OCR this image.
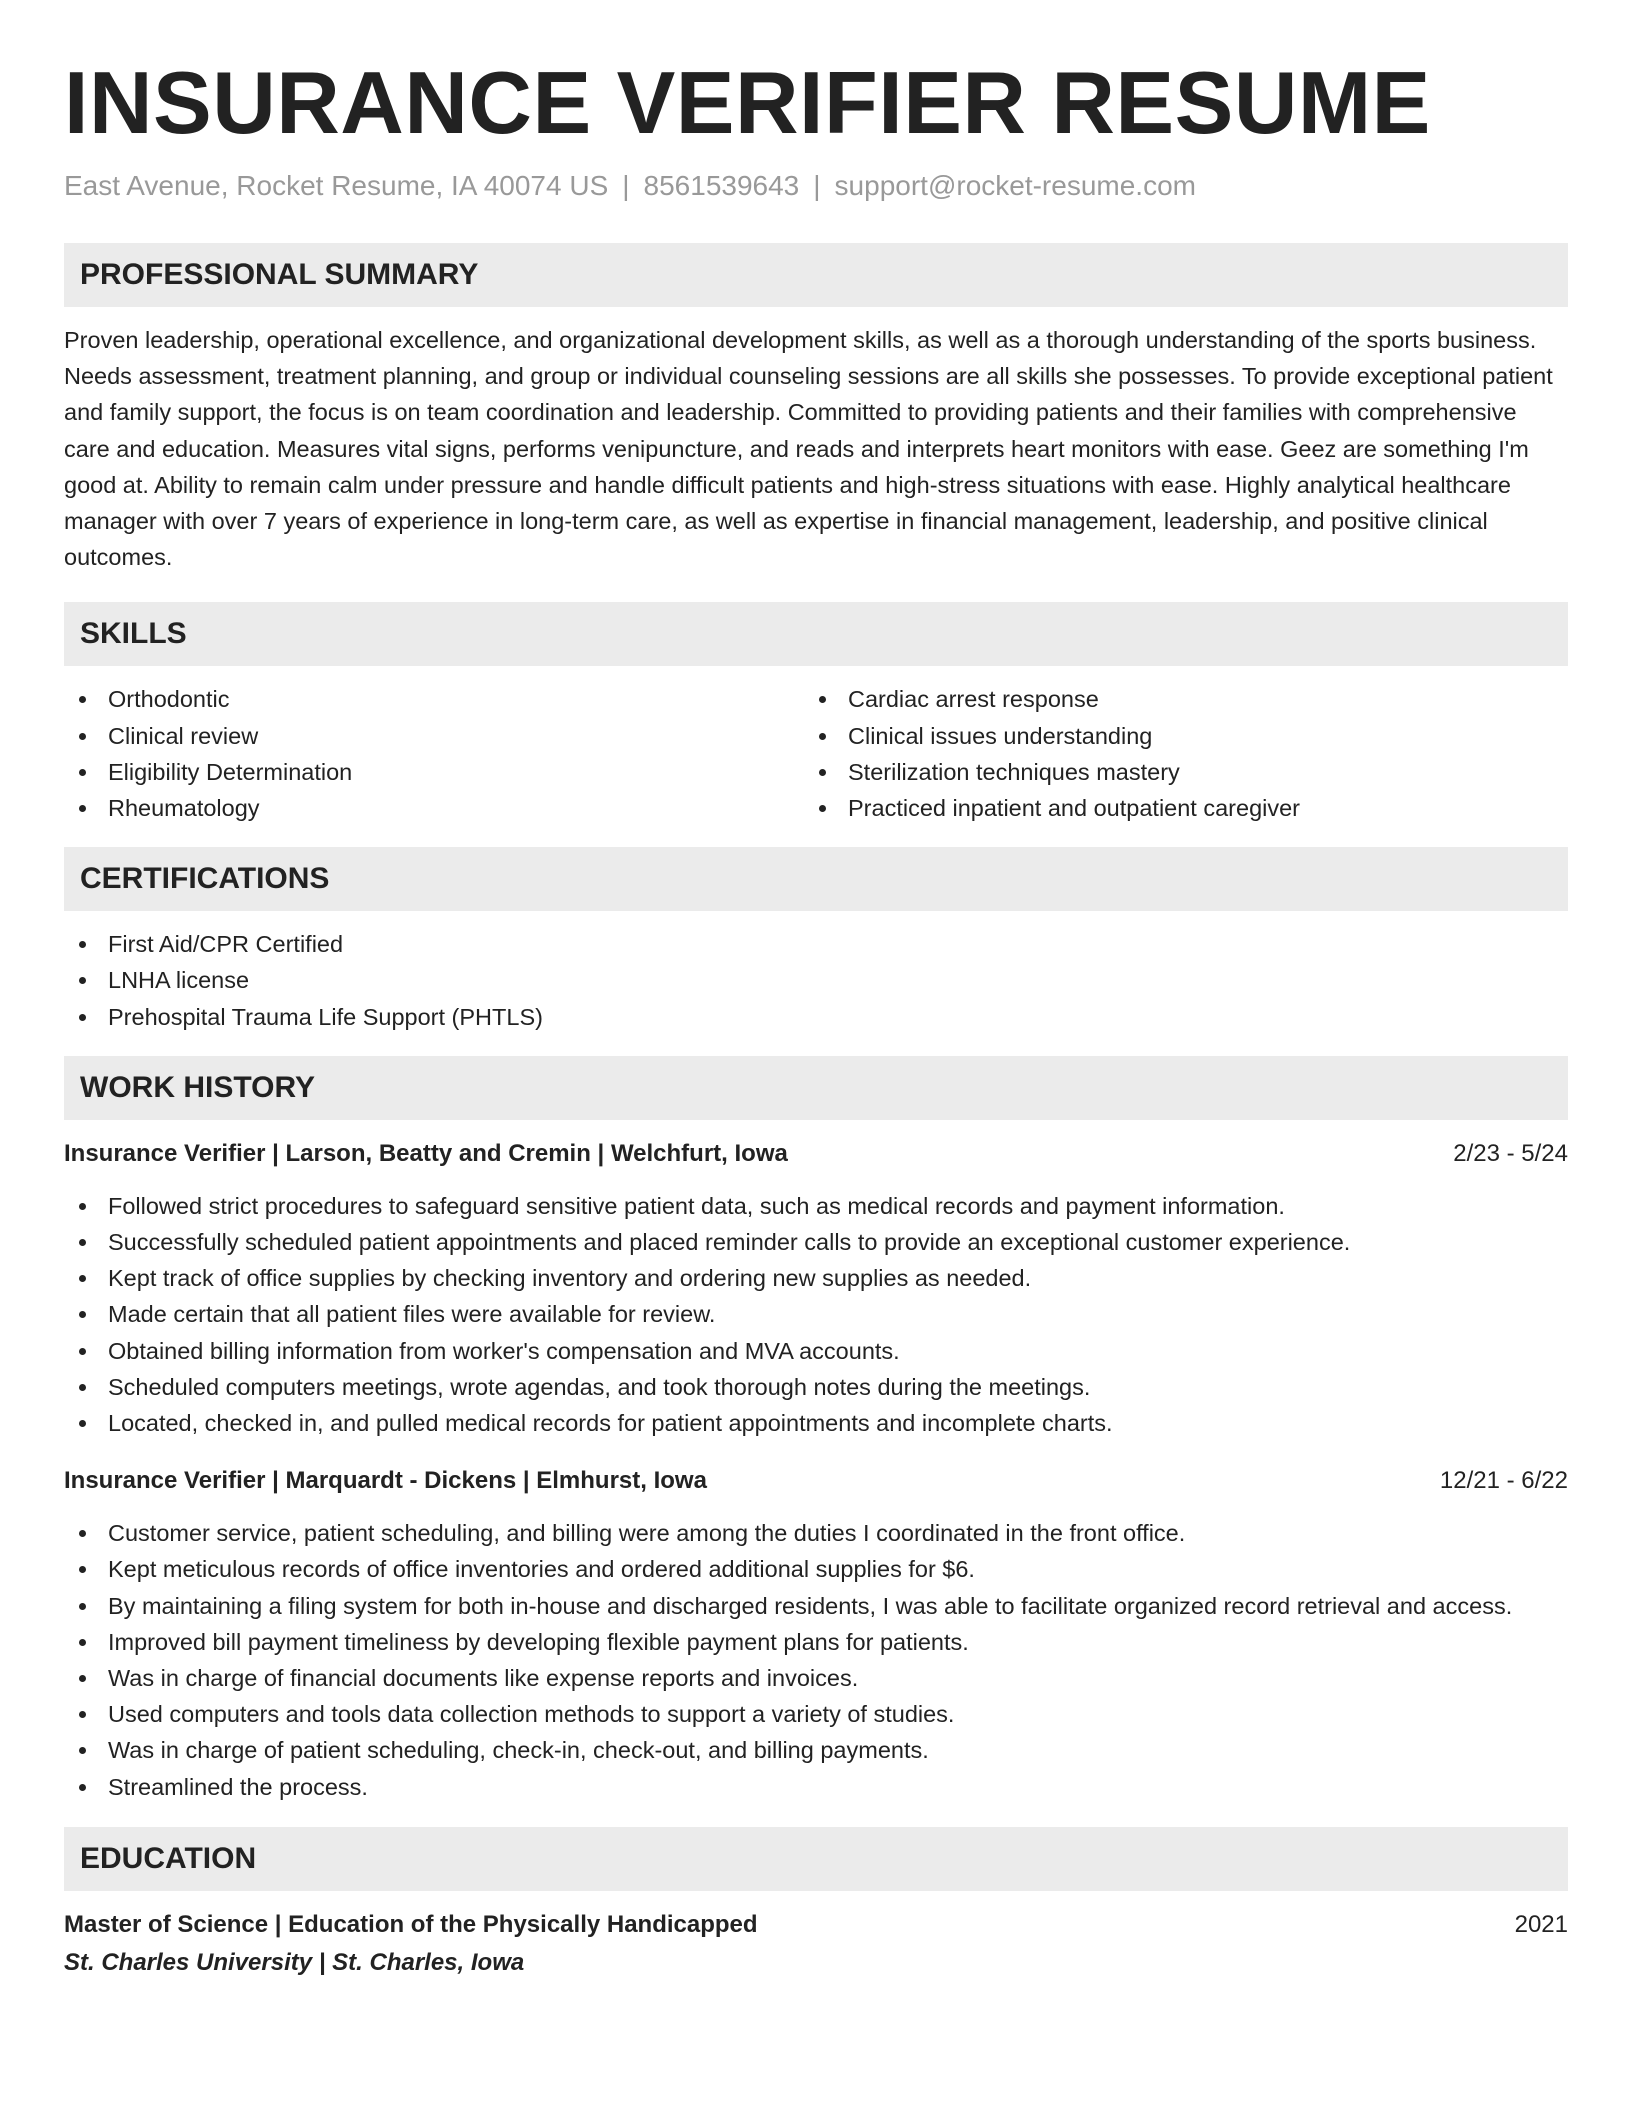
INSURANCE VERIFIER RESUME
East Avenue, Rocket Resume, IA 40074 US | 8561539643 | support@rocket-resume.com
PROFESSIONAL SUMMARY

Proven leadership, operational excellence, and organizational development skills, as well as a thorough understanding of the sports business. Needs assessment, treatment planning, and group or individual counseling sessions are all skills she possesses. To provide exceptional patient and family support, the focus is on team coordination and leadership. Committed to providing patients and their families with comprehensive care and education. Measures vital signs, performs venipuncture, and reads and interprets heart monitors with ease. Geez are something I'm good at. Ability to remain calm under pressure and handle difficult patients and high-stress situations with ease. Highly analytical healthcare manager with over 7 years of experience in long-term care, as well as expertise in financial management, leadership, and positive clinical outcomes.

SKILLS
Orthodontic
Clinical review
Eligibility Determination
Rheumatology
Cardiac arrest response
Clinical issues understanding
Sterilization techniques mastery
Practiced inpatient and outpatient caregiver
CERTIFICATIONS
First Aid/CPR Certified
LNHA license
Prehospital Trauma Life Support (PHTLS)
WORK HISTORY
Insurance Verifier | Larson, Beatty and Cremin | Welchfurt, Iowa	2/23 - 5/24
Followed strict procedures to safeguard sensitive patient data, such as medical records and payment information.
Successfully scheduled patient appointments and placed reminder calls to provide an exceptional customer experience.
Kept track of office supplies by checking inventory and ordering new supplies as needed.
Made certain that all patient files were available for review.
Obtained billing information from worker's compensation and MVA accounts.
Scheduled computers meetings, wrote agendas, and took thorough notes during the meetings.
Located, checked in, and pulled medical records for patient appointments and incomplete charts.
Insurance Verifier | Marquardt - Dickens | Elmhurst, Iowa	12/21 - 6/22
Customer service, patient scheduling, and billing were among the duties I coordinated in the front office.
Kept meticulous records of office inventories and ordered additional supplies for $6.
By maintaining a filing system for both in-house and discharged residents, I was able to facilitate organized record retrieval and access.
Improved bill payment timeliness by developing flexible payment plans for patients.
Was in charge of financial documents like expense reports and invoices.
Used computers and tools data collection methods to support a variety of studies.
Was in charge of patient scheduling, check-in, check-out, and billing payments.
Streamlined the process.
EDUCATION
Master of Science | Education of the Physically Handicapped	2021
St. Charles University | St. Charles, Iowa
